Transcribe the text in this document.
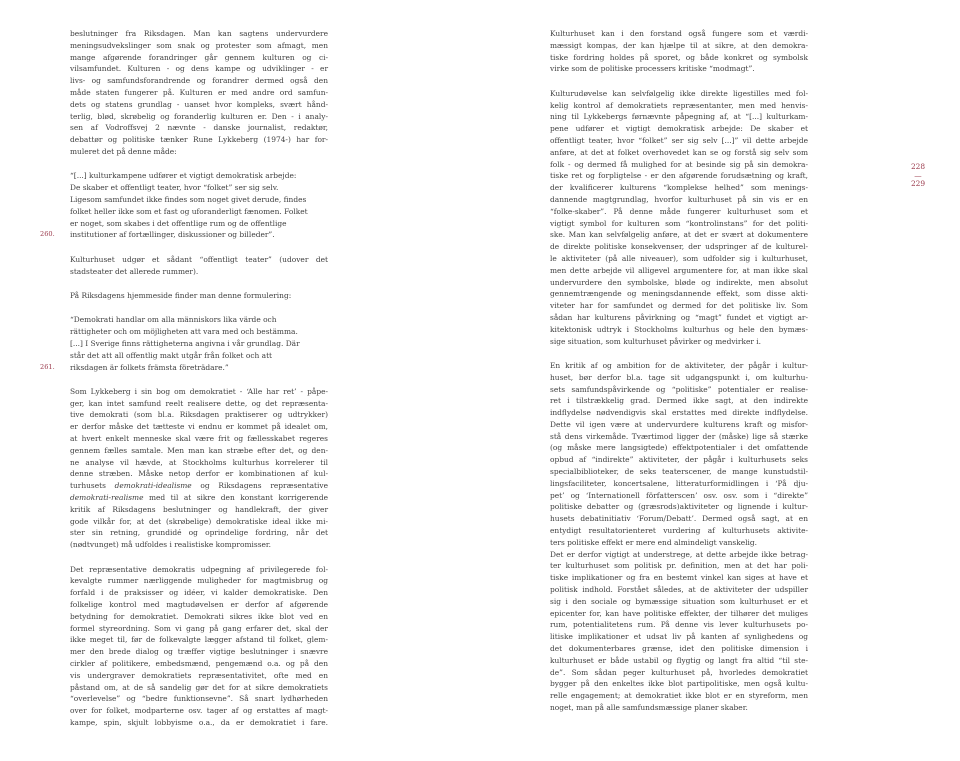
beslutninger fra Riksdagen. Man kan sagtens undervurdere
meningsudvekslinger som snak og protester som afmagt, men
mange afgørende forandringer går gennem kulturen og ci-
vilsamfundet. Kulturen - og dens kampe og udviklinger - er
livs- og samfundsforandrende og forandrer dermed også den
måde staten fungerer på. Kulturen er med andre ord samfun-
dets og statens grundlag - uanset hvor kompleks, svært hånd-
terlig, blød, skrøbelig og foranderlig kulturen er. Den - i analy-
sen af Vodroffsvej 2 nævnte - danske journalist, redaktør,
debattør og politiske tænker Rune Lykkeberg (1974-) har for-
muleret det på denne måde:
“[...] kulturkampene udfører et vigtigt demokratisk arbejde:
De skaber et offentligt teater, hvor “folket” ser sig selv.
Ligesom samfundet ikke findes som noget givet derude, findes
folket heller ikke som et fast og uforanderligt fænomen. Folket
er noget, som skabes i det offentlige rum og de offentlige
institutioner af fortællinger, diskussioner og billeder”.
260.
Kulturhuset udgør et sådant “offentligt teater” (udover det
stadsteater det allerede rummer).
På Riksdagens hjemmeside finder man denne formulering:
“Demokrati handlar om alla människors lika värde och
rättigheter och om möjligheten att vara med och bestämma.
[...] I Sverige finns rättigheterna angivna i vår grundlag. Där
står det att all offentlig makt utgår från folket och att
riksdagen är folkets främsta företrädare.”
261.
Som Lykkeberg i sin bog om demokratiet - ‘Alle har ret’ - påpe-
ger, kan intet samfund reelt realisere dette, og det repræsenta-
tive demokrati (som bl.a. Riksdagen praktiserer og udtrykker)
er derfor måske det tætteste vi endnu er kommet på idealet om,
at hvert enkelt menneske skal være frit og fællesskabet regeres
gennem fælles samtale. Men man kan stræbe efter det, og den-
ne analyse vil hævde, at Stockholms kulturhus korrelerer til
denne stræben. Måske netop derfor er kombinationen af kul-
turhusets demokrati-idealisme og Riksdagens repræsentative
demokrati-realisme med til at sikre den konstant korrigerende
kritik af Riksdagens beslutninger og handlekraft, der giver
gode vilkår for, at det (skrøbelige) demokratiske ideal ikke mi-
ster sin retning, grundidé og oprindelige fordring, når det
(nødtvunget) må udfoldes i realistiske kompromisser.
Det repræsentative demokratis udpegning af privilegerede fol-
kevalgte rummer nærliggende muligheder for magtmisbrug og
forfald i de praksisser og idéer, vi kalder demokratiske. Den
folkelige kontrol med magtudøvelsen er derfor af afgørende
betydning for demokratiet. Demokrati sikres ikke blot ved en
formel styreordning. Som vi gang på gang erfarer det, skal der
ikke meget til, før de folkevalgte lægger afstand til folket, glem-
mer den brede dialog og træffer vigtige beslutninger i snævre
cirkler af politikere, embedsmænd, pengemænd o.a. og på den
vis undergraver demokratiets repræsentativitet, ofte med en
påstand om, at de så sandelig gør det for at sikre demokratiets
“overlevelse” og “bedre funktionsevne”. Så snart lydhørheden
over for folket, modparterne osv. tager af og erstattes af magt-
kampe, spin, skjult lobbyisme o.a., da er demokratiet i fare.
Kulturhuset kan i den forstand også fungere som et værdi-
mæssigt kompas, der kan hjælpe til at sikre, at den demokra-
tiske fordring holdes på sporet, og både konkret og symbolsk
virke som de politiske processers kritiske “modmagt”.
Kulturudøvelse kan selvfølgelig ikke direkte ligestilles med fol-
kelig kontrol af demokratiets repræsentanter, men med henvis-
ning til Lykkebergs førnævnte påpegning af, at “[...] kulturkam-
pene udfører et vigtigt demokratisk arbejde: De skaber et
offentligt teater, hvor “folket” ser sig selv [...]” vil dette arbejde
anføre, at det at folket overhovedet kan se og forstå sig selv som
folk - og dermed få mulighed for at besinde sig på sin demokra-
tiske ret og forpligtelse - er den afgørende forudsætning og kraft,
der kvalificerer kulturens “komplekse helhed” som menings-
dannende magtgrundlag, hvorfor kulturhuset på sin vis er en
“folke-skaber”. På denne måde fungerer kulturhuset som et
vigtigt symbol for kulturen som “kontrolinstans” for det politi-
ske. Man kan selvfølgelig anføre, at det er svært at dokumentere
de direkte politiske konsekvenser, der udspringer af de kulturel-
le aktiviteter (på alle niveauer), som udfolder sig i kulturhuset,
men dette arbejde vil alligevel argumentere for, at man ikke skal
undervurdere den symbolske, bløde og indirekte, men absolut
gennemtrængende og meningsdannende effekt, som disse akti-
viteter har for samfundet og dermed for det politiske liv. Som
sådan har kulturens påvirkning og “magt” fundet et vigtigt ar-
kitektonisk udtryk i Stockholms kulturhus og hele den bymæs-
sige situation, som kulturhuset påvirker og medvirker i.
En kritik af og ambition for de aktiviteter, der pågår i kultur-
huset, bør derfor bl.a. tage sit udgangspunkt i, om kulturhu-
sets samfundspåvirkende og “politiske” potentialer er realise-
ret i tilstrækkelig grad. Dermed ikke sagt, at den indirekte
indflydelse nødvendigvis skal erstattes med direkte indflydelse.
Dette vil igen være at undervurdere kulturens kraft og misfor-
stå dens virkemåde. Tværtimod ligger der (måske) lige så stærke
(og måske mere langsigtede) effektpotentialer i det omfattende
opbud af “indirekte” aktiviteter, der pågår i kulturhusets seks
specialbiblioteker, de seks teaterscener, de mange kunstudstil-
lingsfaciliteter, koncertsalene, litteraturformidlingen i ‘På dju-
pet’ og ‘Internationell författerscen’ osv. osv. som i “direkte”
politiske debatter og (græsrods)aktiviteter og lignende i kultur-
husets debatinitiativ ‘Forum/Debatt’. Dermed også sagt, at en
entydigt resultatorienteret vurdering af kulturhusets aktivite-
ters politiske effekt er mere end almindeligt vanskelig.
Det er derfor vigtigt at understrege, at dette arbejde ikke betrag-
ter kulturhuset som politisk pr. definition, men at det har poli-
tiske implikationer og fra en bestemt vinkel kan siges at have et
politisk indhold. Forstået således, at de aktiviteter der udspiller
sig i den sociale og bymæssige situation som kulturhuset er et
epicenter for, kan have politiske effekter, der tilhører det muliges
rum, potentialitetens rum. På denne vis lever kulturhusets po-
litiske implikationer et udsat liv på kanten af synlighedens og
det dokumenterbares grænse, idet den politiske dimension i
kulturhuset er både ustabil og flygtig og langt fra altid “til ste-
de”. Som sådan peger kulturhuset på, hvorledes demokratiet
bygger på den enkeltes ikke blot partipolitiske, men også kultu-
relle engagement; at demokratiet ikke blot er en styreform, men
noget, man på alle samfundsmæssige planer skaber.
228
—
229
